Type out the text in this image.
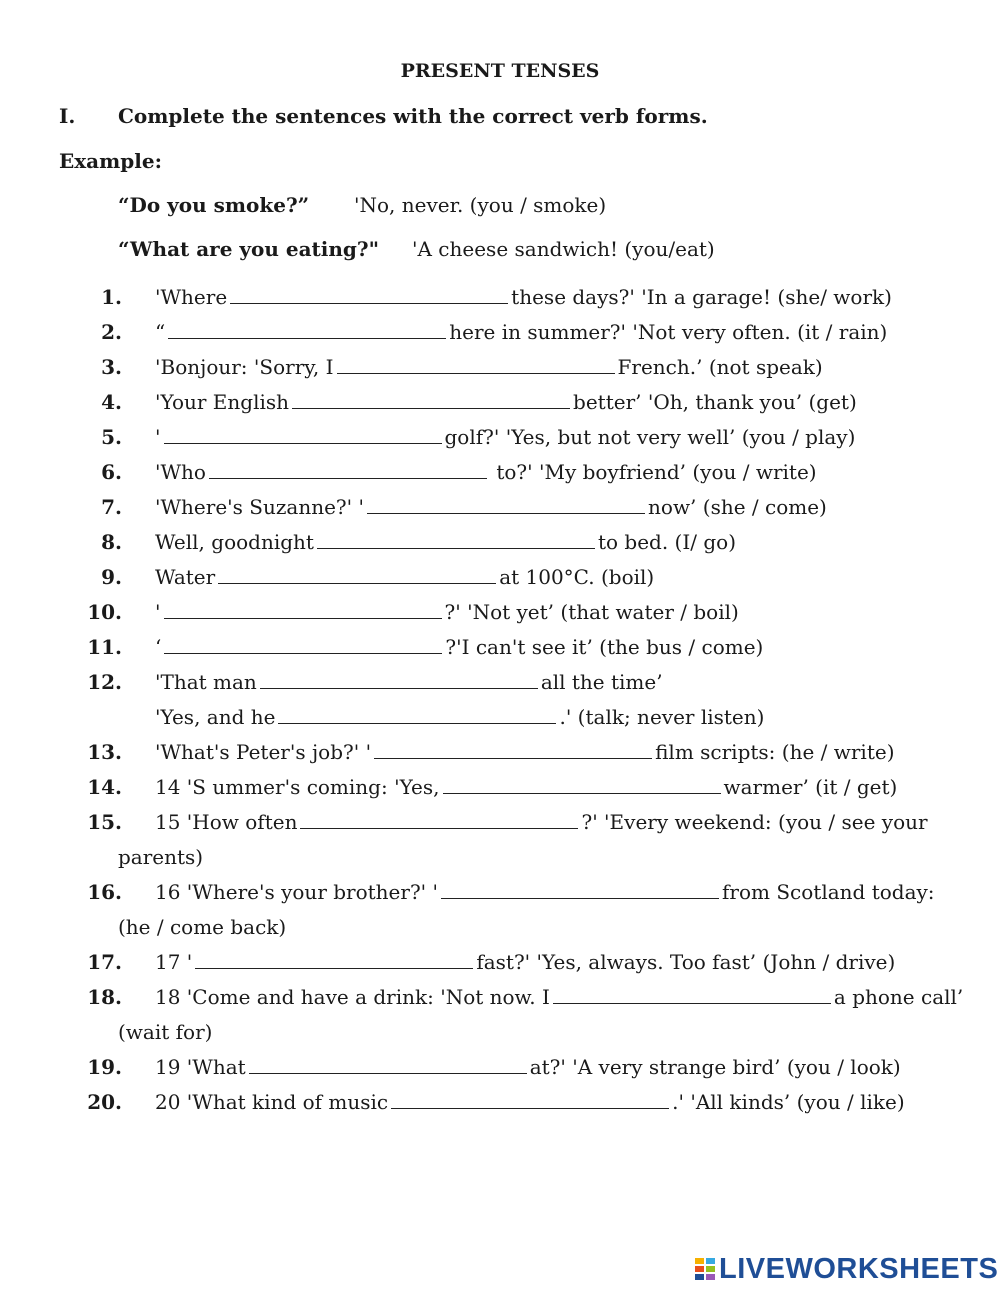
PRESENT TENSES
I. Complete the sentences with the correct verb forms.
Example:
“Do you smoke?” 'No, never. (you / smoke)
“What are you eating?" 'A cheese sandwich! (you/eat)
1. 'Where	these days?' 'In a garage! (she/ work)
2. “	here in summer?' 'Not very often. (it / rain)
3. 'Bonjour: 'Sorry, I	French.’ (not speak)
4. 'Your English	better’ 'Oh, thank you’ (get)
5. '	golf?' 'Yes, but not very well’ (you / play)
6. 'Who	to?' 'My boyfriend’ (you / write)
7. 'Where's Suzanne?' '	now’ (she / come)
8. Well, goodnight	to bed. (I/ go)
9. Water	at 100°C. (boil)
10. '	?' 'Not yet’ (that water / boil)
11. ‘	?'I can't see it’ (the bus / come)
12. 'That man	all the time’
'Yes, and he	.' (talk; never listen)
13. 'What's Peter's job?' '	film scripts: (he / write)
14. 14 'S ummer's coming: 'Yes,	warmer’ (it / get)
15. 15 'How often	?' 'Every weekend: (you / see your
parents)
16. 16 'Where's your brother?' '	from Scotland today:
(he / come back)
17. 17 '	fast?' 'Yes, always. Too fast’ (John / drive)
18. 18 'Come and have a drink: 'Not now. I	a phone call’
(wait for)
19. 19 'What	at?' 'A very strange bird’ (you / look)
20. 20 'What kind of music	.' 'All kinds’ (you / like)
LIVEWORKSHEETS
